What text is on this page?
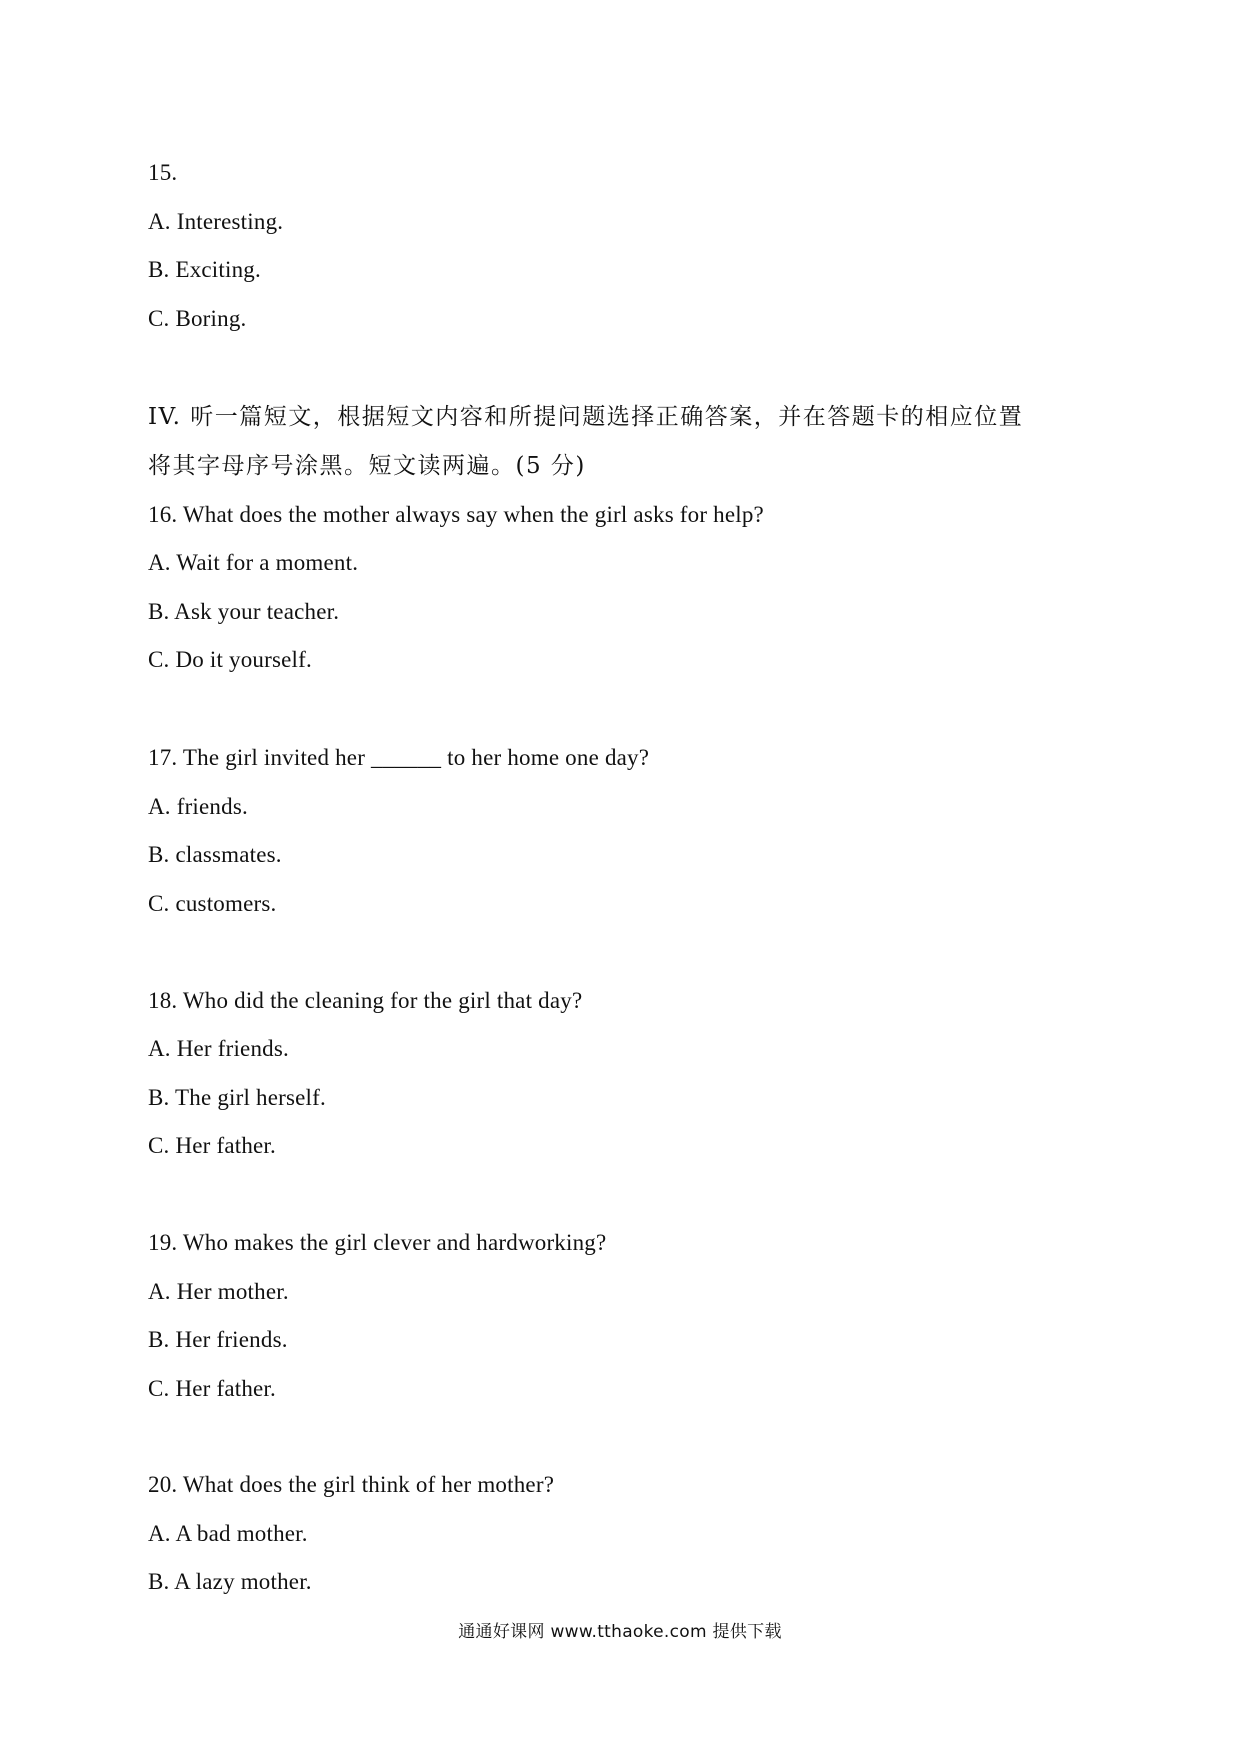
15.
A. Interesting.
B. Exciting.
C. Boring.
IV. 听一篇短文，根据短文内容和所提问题选择正确答案，并在答题卡的相应位置
将其字母序号涂黑。短文读两遍。(5 分)
16. What does the mother always say when the girl asks for help?
A. Wait for a moment.
B. Ask your teacher.
C. Do it yourself.
17. The girl invited her ______ to her home one day?
A. friends.
B. classmates.
C. customers.
18. Who did the cleaning for the girl that day?
A. Her friends.
B. The girl herself.
C. Her father.
19. Who makes the girl clever and hardworking?
A. Her mother.
B. Her friends.
C. Her father.
20. What does the girl think of her mother?
A. A bad mother.
B. A lazy mother.
通通好课网 www.tthaoke.com 提供下载
